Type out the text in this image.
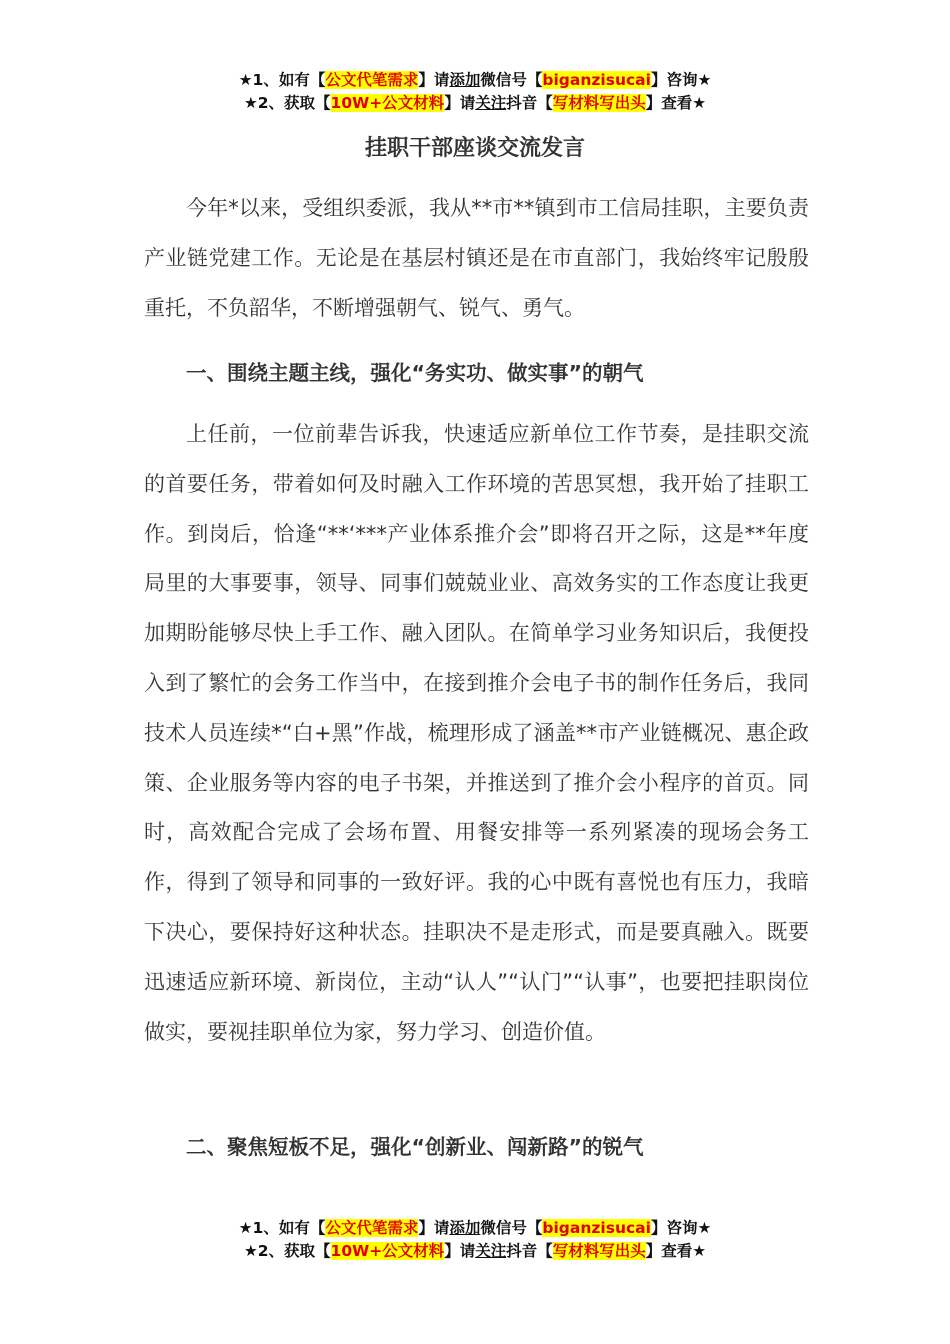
★1、如有【公文代笔需求】请添加微信号【biganzisucai】咨询★
★2、获取【10W+公文材料】请关注抖音【写材料写出头】查看★
挂职干部座谈交流发言
今年*以来，受组织委派，我从**市**镇到市工信局挂职，主要负责产业链党建工作。无论是在基层村镇还是在市直部门，我始终牢记殷殷重托，不负韶华，不断增强朝气、锐气、勇气。
一、围绕主题主线，强化“务实功、做实事”的朝气
上任前，一位前辈告诉我，快速适应新单位工作节奏，是挂职交流的首要任务，带着如何及时融入工作环境的苦思冥想，我开始了挂职工作。到岗后，恰逢“**‘***产业体系推介会”即将召开之际，这是**年度局里的大事要事，领导、同事们兢兢业业、高效务实的工作态度让我更加期盼能够尽快上手工作、融入团队。在简单学习业务知识后，我便投入到了繁忙的会务工作当中，在接到推介会电子书的制作任务后，我同技术人员连续*“白+黑”作战，梳理形成了涵盖**市产业链概况、惠企政策、企业服务等内容的电子书架，并推送到了推介会小程序的首页。同时，高效配合完成了会场布置、用餐安排等一系列紧凑的现场会务工作，得到了领导和同事的一致好评。我的心中既有喜悦也有压力，我暗下决心，要保持好这种状态。挂职决不是走形式，而是要真融入。既要迅速适应新环境、新岗位，主动“认人”“认门”“认事”，也要把挂职岗位做实，要视挂职单位为家，努力学习、创造价值。
二、聚焦短板不足，强化“创新业、闯新路”的锐气
★1、如有【公文代笔需求】请添加微信号【biganzisucai】咨询★
★2、获取【10W+公文材料】请关注抖音【写材料写出头】查看★
